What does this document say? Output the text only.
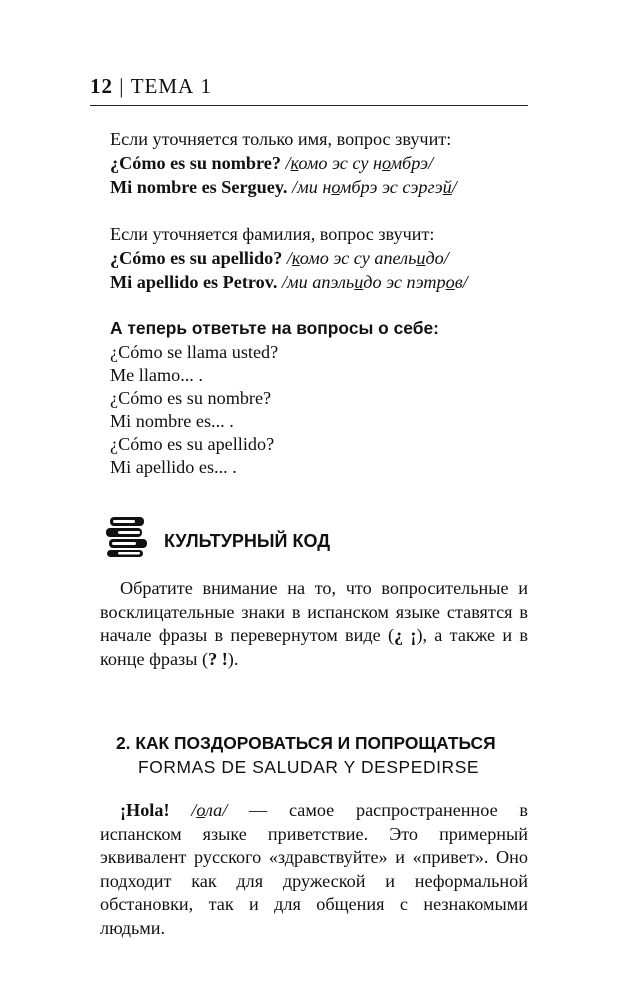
12 | ТЕМА 1
Если уточняется только имя, вопрос звучит:
¿Cómo es su nombre? /комо эс су номбрэ/
Mi nombre es Serguey. /ми номбрэ эс сэргэй/
Если уточняется фамилия, вопрос звучит:
¿Cómo es su apellido? /комо эс су апельидо/
Mi apellido es Petrov. /ми апэльидо эс пэтров/
А теперь ответьте на вопросы о себе:
¿Cómo se llama usted?
Me llamo... .
¿Cómo es su nombre?
Mi nombre es... .
¿Cómo es su apellido?
Mi apellido es... .
КУЛЬТУРНЫЙ КОД
Обратите внимание на то, что вопросительные и восклицательные знаки в испанском языке ставятся в начале фразы в перевернутом виде (¿ ¡), а также и в конце фразы (? !).
2. КАК ПОЗДОРОВАТЬСЯ И ПОПРОЩАТЬСЯ
FORMAS DE SALUDAR Y DESPEDIRSE
¡Hola! /ола/ — самое распространенное в испанском языке приветствие. Это примерный эквивалент русского «здравствуйте» и «привет». Оно подходит как для дружеской и неформальной обстановки, так и для общения с незнакомыми людьми.
